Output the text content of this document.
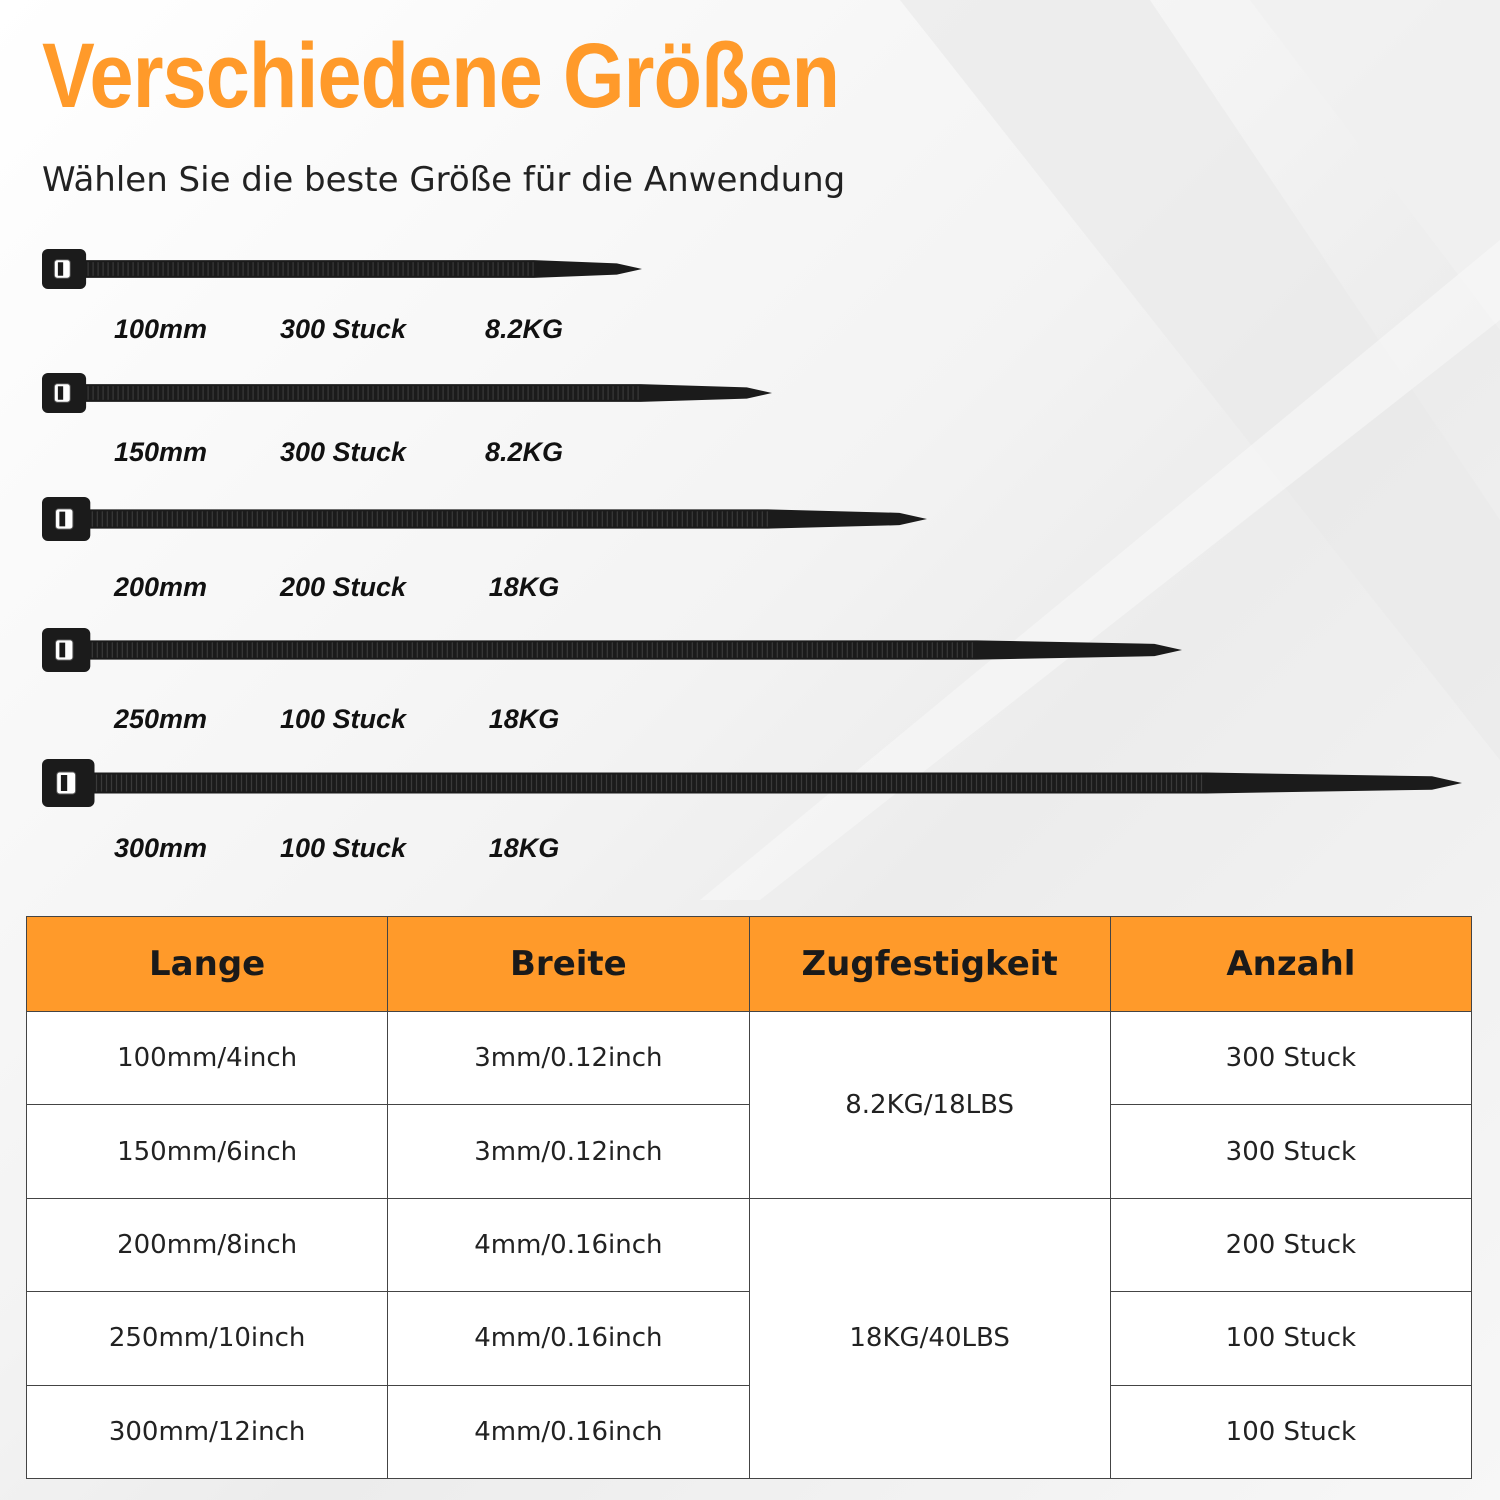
Verschiedene Größen

Wählen Sie die beste Größe für die Anwendung

100mm	300 Stuck	8.2KG
150mm	300 Stuck	8.2KG
200mm	200 Stuck	18KG
250mm	100 Stuck	18KG
300mm	100 Stuck	18KG
Lange	Breite	Zugfestigkeit	Anzahl
100mm/4inch	3mm/0.12inch	8.2KG/18LBS	300 Stuck
150mm/6inch	3mm/0.12inch		300 Stuck
200mm/8inch	4mm/0.16inch	18KG/40LBS	200 Stuck
250mm/10inch	4mm/0.16inch		100 Stuck
300mm/12inch	4mm/0.16inch		100 Stuck
